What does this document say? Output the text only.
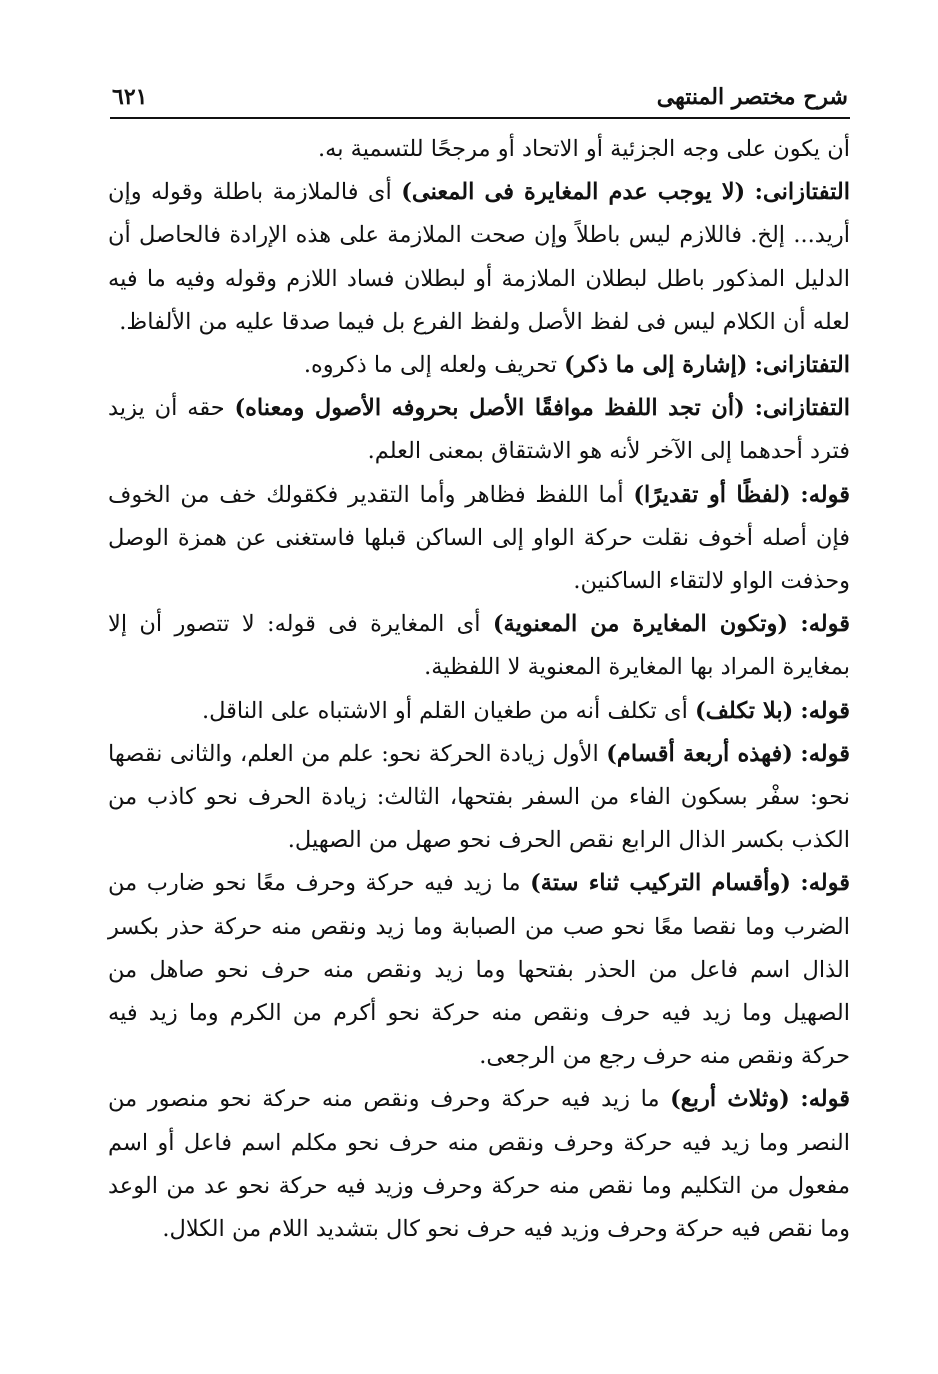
شرح مختصر المنتهى
٦٢١

أن يكون على وجه الجزئية أو الاتحاد أو مرجحًا للتسمية به.

التفتازانى: (لا يوجب عدم المغايرة فى المعنى) أى فالملازمة باطلة وقوله وإن أريد... إلخ. فاللازم ليس باطلاً وإن صحت الملازمة على هذه الإرادة فالحاصل أن الدليل المذكور باطل لبطلان الملازمة أو لبطلان فساد اللازم وقوله وفيه ما فيه لعله أن الكلام ليس فى لفظ الأصل ولفظ الفرع بل فيما صدقا عليه من الألفاظ.

التفتازانى: (إشارة إلى ما ذكر) تحريف ولعله إلى ما ذكروه.

التفتازانى: (أن تجد اللفظ موافقًا الأصل بحروفه الأصول ومعناه) حقه أن يزيد فترد أحدهما إلى الآخر لأنه هو الاشتقاق بمعنى العلم.

قوله: (لفظًا أو تقديرًا) أما اللفظ فظاهر وأما التقدير فكقولك خف من الخوف فإن أصله أخوف نقلت حركة الواو إلى الساكن قبلها فاستغنى عن همزة الوصل وحذفت الواو لالتقاء الساكنين.

قوله: (وتكون المغايرة من المعنوية) أى المغايرة فى قوله: لا تتصور أن إلا بمغايرة المراد بها المغايرة المعنوية لا اللفظية.

قوله: (بلا تكلف) أى تكلف أنه من طغيان القلم أو الاشتباه على الناقل.

قوله: (فهذه أربعة أقسام) الأول زيادة الحركة نحو: علم من العلم، والثانى نقصها نحو: سفْر بسكون الفاء من السفر بفتحها، الثالث: زيادة الحرف نحو كاذب من الكذب بكسر الذال الرابع نقص الحرف نحو صهل من الصهيل.

قوله: (وأقسام التركيب ثناء ستة) ما زيد فيه حركة وحرف معًا نحو ضارب من الضرب وما نقصا معًا نحو صب من الصبابة وما زيد ونقص منه حركة حذر بكسر الذال اسم فاعل من الحذر بفتحها وما زيد ونقص منه حرف نحو صاهل من الصهيل وما زيد فيه حرف ونقص منه حركة نحو أكرم من الكرم وما زيد فيه حركة ونقص منه حرف رجع من الرجعى.

قوله: (وثلاث أربع) ما زيد فيه حركة وحرف ونقص منه حركة نحو منصور من النصر وما زيد فيه حركة وحرف ونقص منه حرف نحو مكلم اسم فاعل أو اسم مفعول من التكليم وما نقص منه حركة وحرف وزيد فيه حركة نحو عد من الوعد وما نقص فيه حركة وحرف وزيد فيه حرف نحو كال بتشديد اللام من الكلال.
